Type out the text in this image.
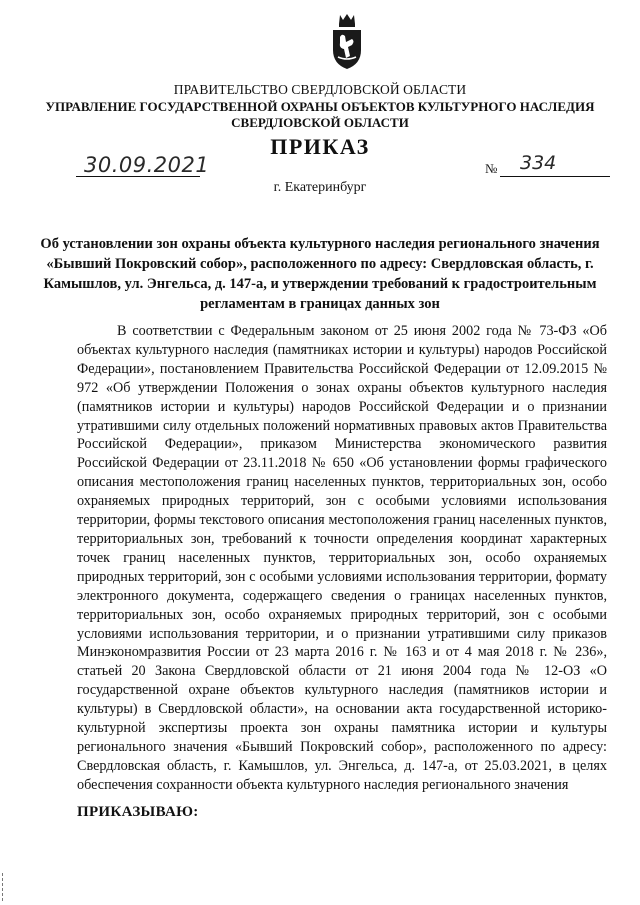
ПРАВИТЕЛЬСТВО СВЕРДЛОВСКОЙ ОБЛАСТИ
УПРАВЛЕНИЕ ГОСУДАРСТВЕННОЙ ОХРАНЫ ОБЪЕКТОВ КУЛЬТУРНОГО НАСЛЕДИЯ
СВЕРДЛОВСКОЙ ОБЛАСТИ
ПРИКАЗ
30.09.2021	№ 334
г. Екатеринбург
Об установлении зон охраны объекта культурного наследия регионального значения «Бывший Покровский собор», расположенного по адресу: Свердловская область, г. Камышлов, ул. Энгельса, д. 147-а, и утверждении требований к градостроительным регламентам в границах данных зон
В соответствии с Федеральным законом от 25 июня 2002 года № 73-ФЗ «Об объектах культурного наследия (памятниках истории и культуры) народов Российской Федерации», постановлением Правительства Российской Федерации от 12.09.2015 № 972 «Об утверждении Положения о зонах охраны объектов культурного наследия (памятников истории и культуры) народов Российской Федерации и о признании утратившими силу отдельных положений нормативных правовых актов Правительства Российской Федерации», приказом Министерства экономического развития Российской Федерации от 23.11.2018 № 650 «Об установлении формы графического описания местоположения границ населенных пунктов, территориальных зон, особо охраняемых природных территорий, зон с особыми условиями использования территории, формы текстового описания местоположения границ населенных пунктов, территориальных зон, требований к точности определения координат характерных точек границ населенных пунктов, территориальных зон, особо охраняемых природных территорий, зон с особыми условиями использования территории, формату электронного документа, содержащего сведения о границах населенных пунктов, территориальных зон, особо охраняемых природных территорий, зон с особыми условиями использования территории, и о признании утратившими силу приказов Минэкономразвития России от 23 марта 2016 г. № 163 и от 4 мая 2018 г. № 236», статьей 20 Закона Свердловской области от 21 июня 2004 года № 12-ОЗ «О государственной охране объектов культурного наследия (памятников истории и культуры) в Свердловской области», на основании акта государственной историко-культурной экспертизы проекта зон охраны памятника истории и культуры регионального значения «Бывший Покровский собор», расположенного по адресу: Свердловская область, г. Камышлов, ул. Энгельса, д. 147-а, от 25.03.2021, в целях обеспечения сохранности объекта культурного наследия регионального значения
ПРИКАЗЫВАЮ:
